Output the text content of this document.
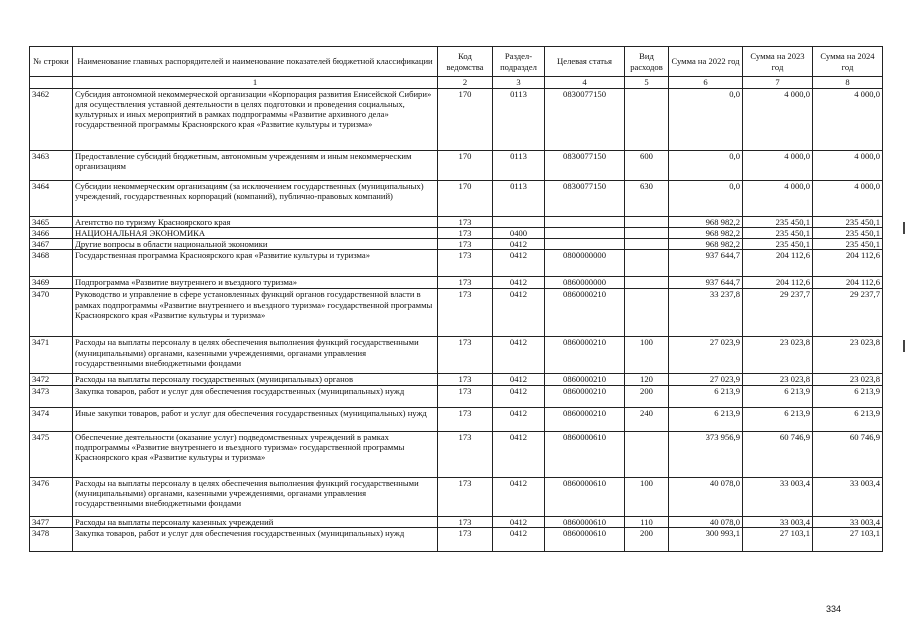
№ строки	Наименование главных распорядителей и наименование показателей бюджетной классификации	Код ведомства	Раздел-подраздел	Целевая статья	Вид расходов	Сумма на 2022 год	Сумма на 2023 год	Сумма на 2024 год
	1	2	3	4	5	6	7	8
3462	Субсидия автономной некоммерческой организации «Корпорация развития Енисейской Сибири» для осуществления уставной деятельности в целях подготовки и проведения социальных, культурных и иных мероприятий в рамках подпрограммы «Развитие архивного дела» государственной программы Красноярского края «Развитие культуры и туризма»	170	0113	0830077150		0,0	4 000,0	4 000,0
3463	Предоставление субсидий бюджетным, автономным учреждениям и иным некоммерческим организациям	170	0113	0830077150	600	0,0	4 000,0	4 000,0
3464	Субсидии некоммерческим организациям (за исключением государственных (муниципальных) учреждений, государственных корпораций (компаний), публично-правовых компаний)	170	0113	0830077150	630	0,0	4 000,0	4 000,0
3465	Агентство по туризму Красноярского края	173				968 982,2	235 450,1	235 450,1
3466	НАЦИОНАЛЬНАЯ ЭКОНОМИКА	173	0400			968 982,2	235 450,1	235 450,1
3467	Другие вопросы в области национальной экономики	173	0412			968 982,2	235 450,1	235 450,1
3468	Государственная программа Красноярского края «Развитие культуры и туризма»	173	0412	0800000000		937 644,7	204 112,6	204 112,6
3469	Подпрограмма «Развитие внутреннего и въездного туризма»	173	0412	0860000000		937 644,7	204 112,6	204 112,6
3470	Руководство и управление в сфере установленных функций органов государственной власти в рамках подпрограммы «Развитие внутреннего и въездного туризма» государственной программы Красноярского края «Развитие культуры и туризма»	173	0412	0860000210		33 237,8	29 237,7	29 237,7
3471	Расходы на выплаты персоналу в целях обеспечения выполнения функций государственными (муниципальными) органами, казенными учреждениями, органами управления государственными внебюджетными фондами	173	0412	0860000210	100	27 023,9	23 023,8	23 023,8
3472	Расходы на выплаты персоналу государственных (муниципальных) органов	173	0412	0860000210	120	27 023,9	23 023,8	23 023,8
3473	Закупка товаров, работ и услуг для обеспечения государственных (муниципальных) нужд	173	0412	0860000210	200	6 213,9	6 213,9	6 213,9
3474	Иные закупки товаров, работ и услуг для обеспечения государственных (муниципальных) нужд	173	0412	0860000210	240	6 213,9	6 213,9	6 213,9
3475	Обеспечение деятельности (оказание услуг) подведомственных учреждений в рамках подпрограммы «Развитие внутреннего и въездного туризма» государственной программы Красноярского края «Развитие культуры и туризма»	173	0412	0860000610		373 956,9	60 746,9	60 746,9
3476	Расходы на выплаты персоналу в целях обеспечения выполнения функций государственными (муниципальными) органами, казенными учреждениями, органами управления государственными внебюджетными фондами	173	0412	0860000610	100	40 078,0	33 003,4	33 003,4
3477	Расходы на выплаты персоналу казенных учреждений	173	0412	0860000610	110	40 078,0	33 003,4	33 003,4
3478	Закупка товаров, работ и услуг для обеспечения государственных (муниципальных) нужд	173	0412	0860000610	200	300 993,1	27 103,1	27 103,1
334
